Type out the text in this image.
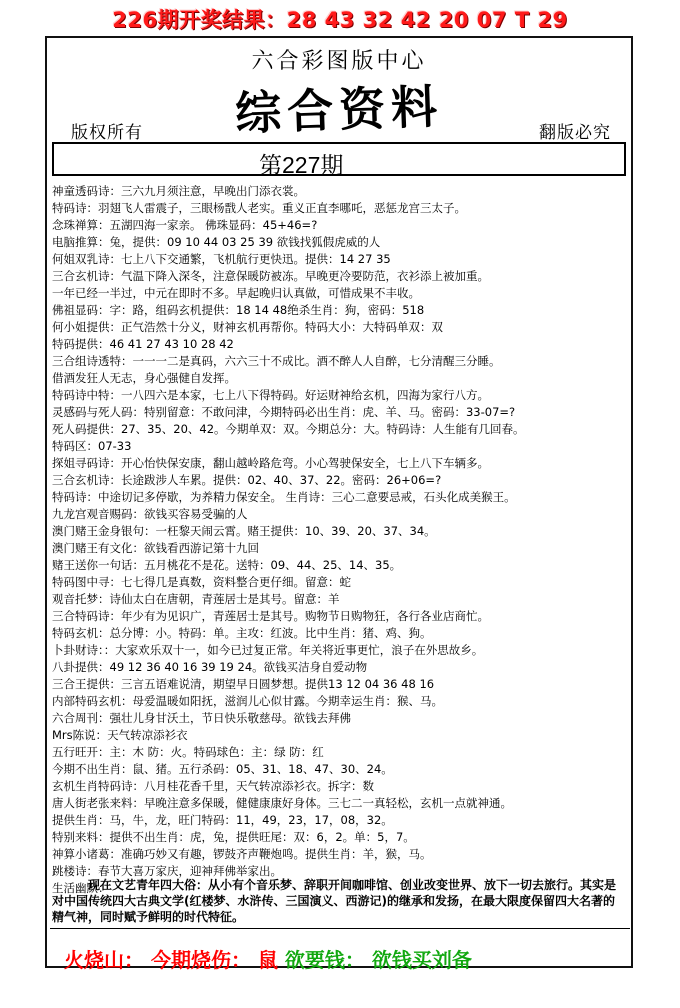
226期开奖结果：28 43 32 42 20 07 T 29
六合彩图版中心
综合资料
版权所有	翻版必究
第227期
神童透码诗：三六九月须注意，早晚出门添衣裳。
特码诗：羽翅飞人雷震子，三眼杨戬人老实。重义正直李哪吒，恶惩龙宫三太子。
念珠禅算：五湖四海一家亲。 佛珠显码：45+46=?
电脑推算：兔，提供：09 10 44 03 25 39 欲钱找狐假虎威的人
何姐双乳诗：七上八下交通繁，飞机航行更快迅。提供：14 27 35
三合玄机诗：气温下降入深冬，注意保暖防被冻。早晚更冷要防范，衣衫添上被加重。
一年已经一半过，中元在即时不多。早起晚归认真做，可惜成果不丰收。
佛祖显码：字：路，组码玄机提供：18 14 48绝杀生肖：狗，密码：518
何小姐提供：正气浩然十分义，财神玄机再帮你。特码大小：大特码单双：双
特码提供：46 41 27 43 10 28 42
三合组诗透特：一一一二是真码，六六三十不成比。酒不醉人人自醉，七分清醒三分睡。
借酒发狂人无志，身心强健自发挥。
特码诗中特：一八四六是本家，七上八下得特码。好运财神给玄机，四海为家行八方。
灵感码与死人码：特别留意：不敢问津，今期特码必出生肖：虎、羊、马。密码：33-07=?
死人码提供：27、35、20、42。今期单双：双。今期总分：大。特码诗：人生能有几回春。
特码区：07-33
探姐寻码诗：开心怡快保安康，翻山越岭路危弯。小心驾驶保安全，七上八下车辆多。
三合玄机诗：长途跋涉人车累。提供：02、40、37、22。密码：26+06=?
特码诗：中途切记多停歇，为养精力保安全。 生肖诗：三心二意要忌戒，石头化成美猴王。
九龙宫观音赐码：欲钱买容易受骗的人
澳门赌王金身银句：一枉黎天闹云霄。赌王提供：10、39、20、37、34。
澳门赌王有文化：欲钱看西游记第十九回
赌王送你一句话：五月桃花不是花。送特：09、44、25、14、35。
特码图中寻：七七得几是真数，资料整合更仔细。留意：蛇
观音托梦：诗仙太白在唐朝，青莲居士是其号。留意：羊
三合特码诗：年少有为见识广，青莲居士是其号。购物节日购物狂，各行各业店商忙。
特码玄机：总分博：小。特码：单。主攻：红波。比中生肖：猪、鸡、狗。
卜卦财诗：：大家欢乐双十一，如今已过复正常。年关将近事更忙，浪子在外思故乡。
八卦提供：49 12 36 40 16 39 19 24。欲钱买洁身自爱动物
三合王提供：三言五语难说清，期望早日圆梦想。提供13 12 04 36 48 16
内部特码玄机：母爱温暖如阳抚，滋润儿心似甘露。今期幸运生肖：猴、马。
六合周刊：强壮儿身甘沃土，节日快乐敬慈母。欲钱去拜佛
Mrs陈说：天气转凉添衫衣
五行旺开：主：木 防：火。特码球色：主：绿 防：红
今期不出生肖：鼠、猪。五行杀码：05、31、18、47、30、24。
玄机生肖特码诗：八月桂花香千里，天气转凉添衫衣。拆字：数
唐人街老张来料：早晚注意多保暖，健健康康好身体。三七二一真轻松，玄机一点就神通。
提供生肖：马，牛，龙，旺门特码：11，49，23，17，08，32。
特别来料：提供不出生肖：虎，兔，提供旺尾：双：6，2。单：5，7。
神算小诸葛：准确巧妙又有趣，锣鼓齐声鞭炮鸣。提供生肖：羊，猴，马。
跳楼诗：春节大喜万家庆，迎神拜佛举家出。
生活幽默：
现在文艺青年四大俗：从小有个音乐梦、辞职开间咖啡馆、创业改变世界、放下一切去旅行。其实是对中国传统四大古典文学(红楼梦、水浒传、三国演义、西游记)的继承和发扬，在最大限度保留四大名著的精气神，同时赋予鲜明的时代特征。
火烧山： 今期烧伤： 鼠 欲要钱： 欲钱买刘备
